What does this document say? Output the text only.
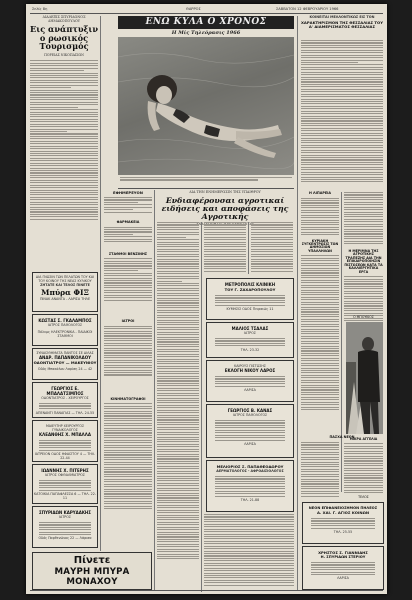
Σελίς 8η	ΘΑΡΡΟΣ	ΣΑΒΒΑΤΟΝ 12 ΦΕΒΡΟΥΑΡΙΟΥ 1966
ΔΙΑΛΕΞΙΣ ΣΠΥΡΙΔΩΝΟΣ ΔΗΜΑΚΟΠΟΥΛΟΥ
Εις ανάπτυξιν ο ρωσικός Τουρισμός
ΠΟΡΕΙΑΣ ΝΙΚΟΠΑΙΣΩΝ
ΔΙΑ ΓΝΩΣΙΝ ΤΩΝ ΠΕΛΑΤΩΝ ΤΟΥ ΚΑΙ ΤΟΥ ΚΟΙΝΟΥ ΤΗΣ ΝΕΑΣ ΚΥΛΙΚΟΥ
ΖΗΤΑΤΕ ΚΑΙ ΤΕΛΟΣ ΠΙΝΕΤΕ
Μπύρα ΦΙΞ
ΠΙΝΑΚ ΑΝΑΝΤΑ - ΛΑΡΙΣΑ ΤΗΛΕ
ΚΩΣΤΑΣ Σ. ΓΚΑΛΑΜΠΟΣ
ΙΑΤΡΟΣ ΠΑΘΟΛΟΓΟΣ
Πόλυμς ΗΛΕΚΤΡΟΝΙΚΑ - ΠΑΙΔΙΚΟΙ ΣΤΑΘΜΟΙ
ΣΥΝΑΙΣΘΗΜΑΤΑ ΠΑΝΤΟΣ ΣΕ ΔΙΛΑΣ
ΑΝΔΡ. ΠΑΠΑΝΙΚΟΛΑΟΥ
ΟΔΟΝΤΙΑΤΡΟΥ — ΜΑΚΕΥΝΙΟΥ
Οδός Μπακάλου Λαρίση 24 — 42
ΓΕΩΡΓΙΟΣ Ε. ΜΠΑΛΑΤΣΙΜΠΟΣ
ΟΔΟΝΤΙΑΤΡΟΣ - ΧΕΙΡΟΥΡΓΟΣ
ΑΠΕΝΑΝΤΙ ΠΑΝΑΓΙΑΣ — ΤΗΛ. 24-55
ΜΑΙΕΥΤΗΡ ΧΕΙΡΟΥΡΓΟΣ ΓΥΝΑΙΚΟΛΟΓΟΣ
ΚΛΕΑΝΘΗΣ Χ. ΜΠΑΛΛΑ
ΙΑΤΡΕΙΟΝ ΟΔΟΣ ΗΦΑΙΣΤΟΥ 4 — ΤΗΛ. 22-44
ΙΩΑΝΝΗΣ Χ. ΠΙΤΕΡΗΣ
ΙΑΤΡΟΣ ΟΦΘΑΛΜΙΑΤΡΟΣ
ΚΑΤΟΙΚΙΑ ΠΑΠΑΦΛΕΣΣΑ 6 — ΤΗΛ. 22-11
ΣΠΥΡΙΔΩΝ ΚΑΡΥΔΑΚΗΣ
ΙΑΤΡΟΣ
Οδός Παρθενώνος 22 — Λάρισα
Πίνετε
ΜΑΥΡΗ ΜΠΥΡΑ ΜΟΝΑΧΟΥ
ΕΝΩ ΚΥΛΑ Ο ΧΡΟΝΟΣ
Η Μίς Τηλεόρασις 1966
ΔΙΑ ΤΗΝ ΕΝΗΜΕΡΩΣΙΝ ΤΗΣ ΥΠΑΙΘΡΟΥ
Ενδιαφέρουσαι αγροτικαί ειδήσεις και αποφάσεις της Αγροτικής
ΕΦΗΜΕΡΕΥΟΝ
ΦΑΡΜΑΚΕΙΑ
ΣΤΑΘΜΟΙ ΒΕΝΖΙΝΗΣ
ΙΑΤΡΟΙ
ΚΙΝΗΜΑΤΟΓΡΑΦΟΙ
ΜΕΤΡΟΠΟΛΙΣ ΚΛΙΝΙΚΗ
ΤΟΥ Γ. ΖΑΧΑΡΟΠΟΥΛΟΥ
ΚΥΜΗΣΙΣ ΟΔΟΣ Πειραιώς 11
ΜΑΛΙΟΣ ΤΣΑΛΑΣ
ΙΑΤΡΟΣ
ΤΗΛ. 23-32
ΚΑΙΡΟΥΣ ΠΙΣΤΩΣΗΣ
ΕΚΛΟΓΗ ΝΙΚΟΥ ΛΑΡΟΣ
ΛΑΡΙΣΑ
ΓΕΩΡΓΙΟΣ Β. ΚΑΝΑΣ
ΙΑΤΡΟΣ ΠΑΘΟΛΟΓΟΣ
ΛΑΡΙΣΑ
ΜΕΛΙΟΡΙΟΣ Σ. ΠΑΠΑΘΕΟΔΩΡΟΥ
ΔΕΡΜΑΤΟΛΟΓΟΣ - ΑΦΡΟΔΙΣΙΟΛΟΓΟΣ
ΤΗΛ. 21-88
ΚΟΙΝΕΙΤΑΙ ΜΕΛΛΟΝΤΙΚΩΣ ΕΙΣ ΤΟΝ
ΧΑΡΑΚΤΗΡΙΣΜΟΝ ΤΗΣ ΘΕΣΣΑΛΙΑΣ ΤΟΥ Α' ΔΙΑΜΕΡΙΣΜΑΤΟΣ ΘΕΣΣΑΛΙΑΣ
Η ΛΙΠΑΡΕΙΑ
ΚΥΡΙΑΚΗ ΣΥΓΚΕΝΤΡΩΣΙΣ ΤΩΝ ΔΗΜΟΣΙΩΝ ΥΠΑΛΛΗΛΩΝ	Η ΜΕΡΙΜΝΑ ΤΗΣ ΑΓΡΟΤΙΚΗΣ ΤΡΑΠΕΖΗΣ ΔΙΑ ΤΗΝ ΕΠΙΚΑΙΡΟΠΟΙΗΣΙΝ ΠΙΣΤΩΣΕΩΝ ΚΑΤΑ ΤΑ ΚΑΛΛΙΕΡΓΗΤΙΚΑ ΕΡΓΑ
Ο ΜΠΟΥΚΙΟΣ
ΠΑΣΧΑ ΝΕΟΝ
ΜΙΚΡΑ ΑΓΓΕΛΙΑ
ΝΕΟΝ ΕΠΙΦΑΝΕΙΟΣΗΜΟΝ ΠΗΛΕΟΣ
Α. ΧΑΙ. Γ. ΑΓΙΟΣ ΚΟΙΝΩΝ
ΤΗΛ. 25-55
ΧΡΗΣΤΟΣ Σ. ΓΙΑΝΝΙΔΗΣ
Η. ΣΠΥΡΙΔΩΝ ΣΤΕΡΙΟΥ
ΛΑΡΙΣΑ
ΤΕΛΟΣ
